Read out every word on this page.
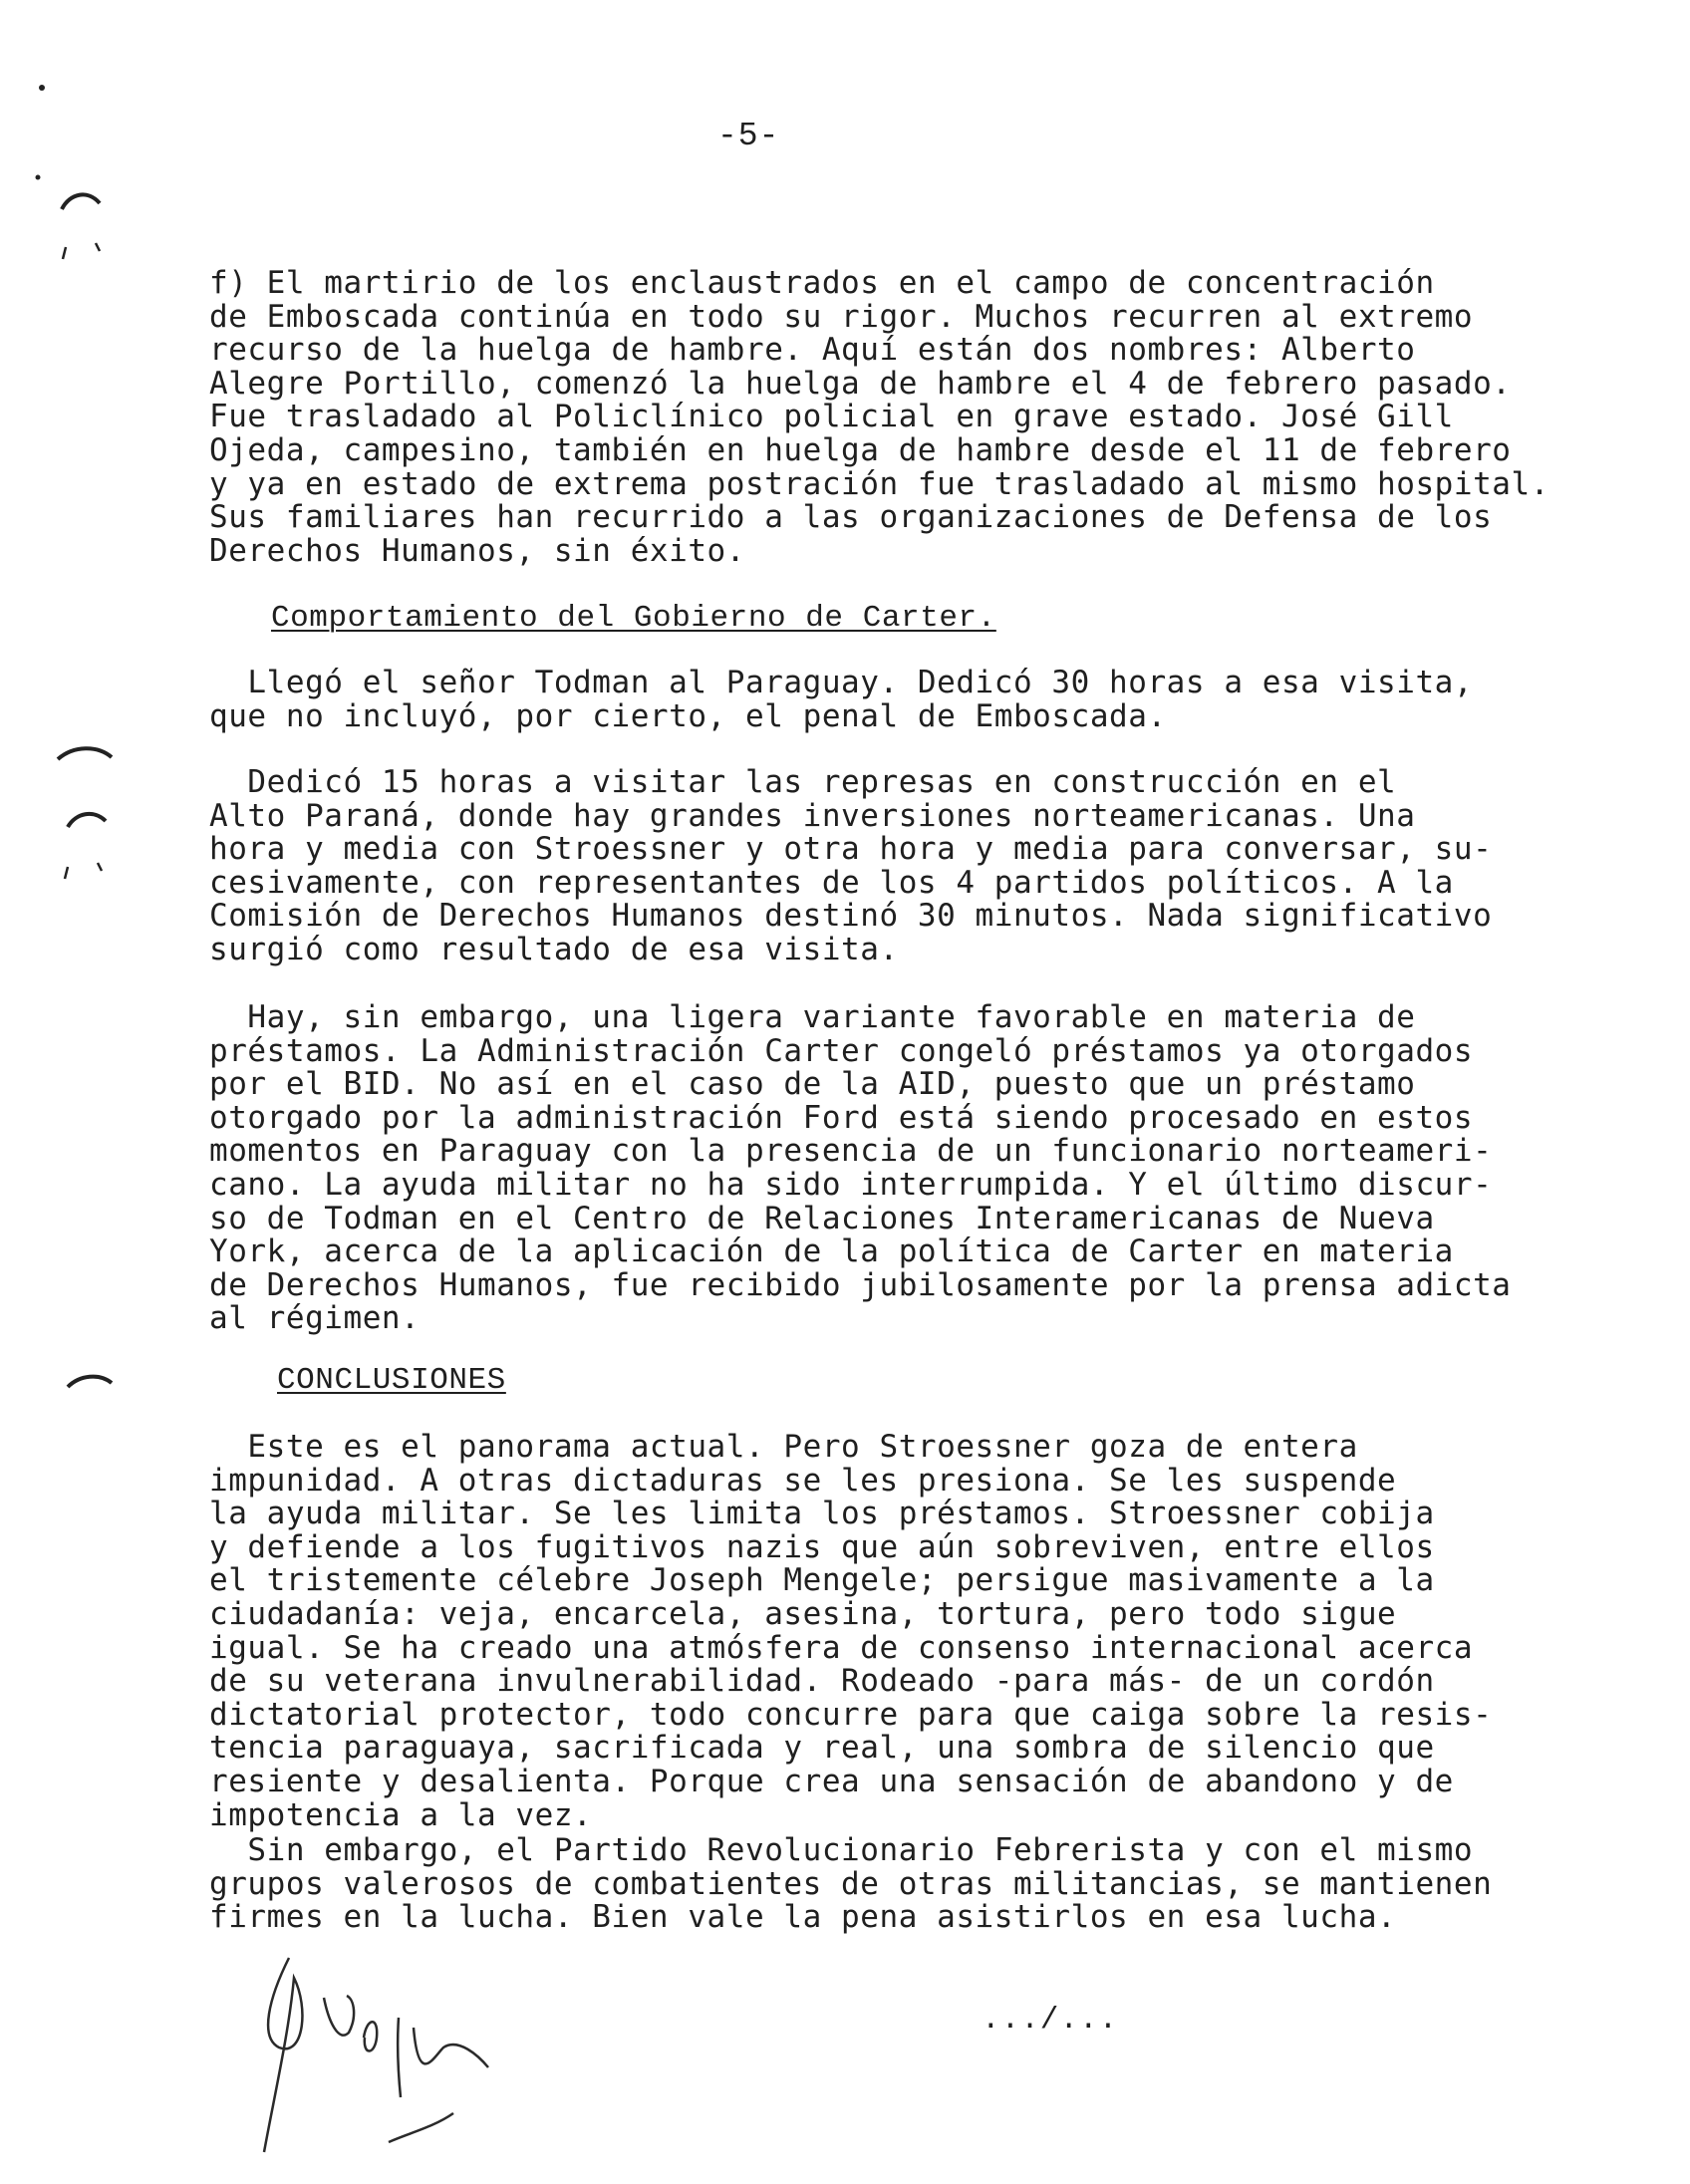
-5-
f) El martirio de los enclaustrados en el campo de concentración
de Emboscada continúa en todo su rigor. Muchos recurren al extremo
recurso de la huelga de hambre. Aquí están dos nombres: Alberto
Alegre Portillo, comenzó la huelga de hambre el 4 de febrero pasado.
Fue trasladado al Policlínico policial en grave estado. José Gill
Ojeda, campesino, también en huelga de hambre desde el 11 de febrero
y ya en estado de extrema postración fue trasladado al mismo hospital.
Sus familiares han recurrido a las organizaciones de Defensa de los
Derechos Humanos, sin éxito.
Comportamiento del Gobierno de Carter.
Llegó el señor Todman al Paraguay. Dedicó 30 horas a esa visita,
que no incluyó, por cierto, el penal de Emboscada.
Dedicó 15 horas a visitar las represas en construcción en el
Alto Paraná, donde hay grandes inversiones norteamericanas. Una
hora y media con Stroessner y otra hora y media para conversar, su-
cesivamente, con representantes de los 4 partidos políticos. A la
Comisión de Derechos Humanos destinó 30 minutos. Nada significativo
surgió como resultado de esa visita.
Hay, sin embargo, una ligera variante favorable en materia de
préstamos. La Administración Carter congeló préstamos ya otorgados
por el BID. No así en el caso de la AID, puesto que un préstamo
otorgado por la administración Ford está siendo procesado en estos
momentos en Paraguay con la presencia de un funcionario norteameri-
cano. La ayuda militar no ha sido interrumpida. Y el último discur-
so de Todman en el Centro de Relaciones Interamericanas de Nueva
York, acerca de la aplicación de la política de Carter en materia
de Derechos Humanos, fue recibido jubilosamente por la prensa adicta
al régimen.
CONCLUSIONES
Este es el panorama actual. Pero Stroessner goza de entera
impunidad. A otras dictaduras se les presiona. Se les suspende
la ayuda militar. Se les limita los préstamos. Stroessner cobija
y defiende a los fugitivos nazis que aún sobreviven, entre ellos
el tristemente célebre Joseph Mengele; persigue masivamente a la
ciudadanía: veja, encarcela, asesina, tortura, pero todo sigue
igual. Se ha creado una atmósfera de consenso internacional acerca
de su veterana invulnerabilidad. Rodeado -para más- de un cordón
dictatorial protector, todo concurre para que caiga sobre la resis-
tencia paraguaya, sacrificada y real, una sombra de silencio que
resiente y desalienta. Porque crea una sensación de abandono y de
impotencia a la vez.
Sin embargo, el Partido Revolucionario Febrerista y con el mismo
grupos valerosos de combatientes de otras militancias, se mantienen
firmes en la lucha. Bien vale la pena asistirlos en esa lucha.
.../...
